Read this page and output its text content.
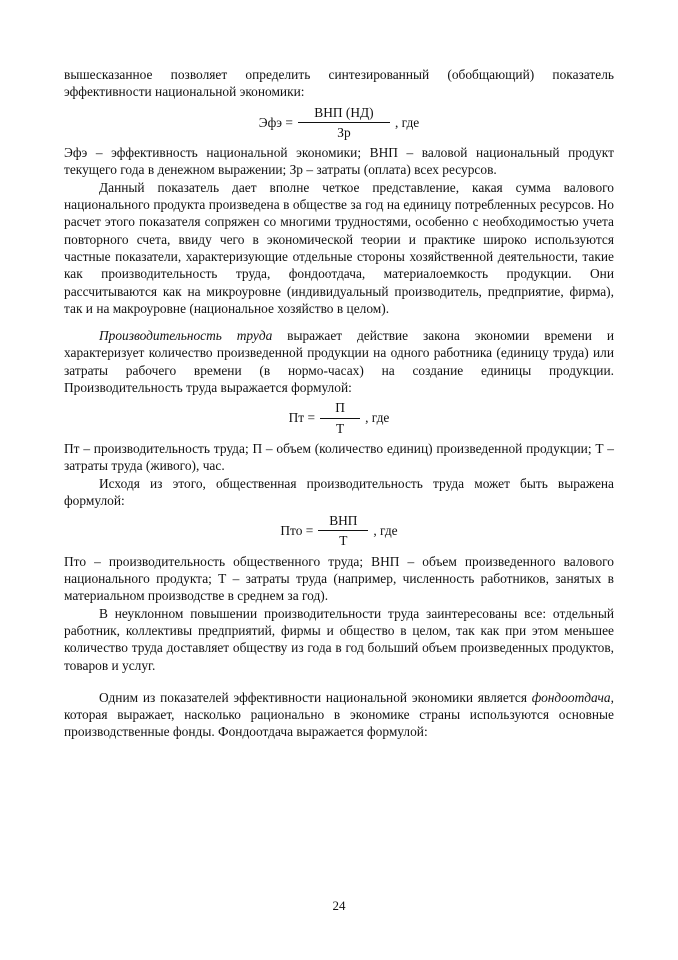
вышесказанное позволяет определить синтезированный (обобщающий) показатель эффективности национальной экономики:

Эфэ = $\frac{\text{ВНП (НД)}}{Зр}$ , где

Эфэ – эффективность национальной экономики; ВНП – валовой национальный продукт текущего года в денежном выражении; Зр – затраты (оплата) всех ресурсов.

Данный показатель дает вполне четкое представление, какая сумма валового национального продукта произведена в обществе за год на единицу потребленных ресурсов. Но расчет этого показателя сопряжен со многими трудностями, особенно с необходимостью учета повторного счета, ввиду чего в экономической теории и практике широко используются частные показатели, характеризующие отдельные стороны хозяйственной деятельности, такие как производительность труда, фондоотдача, материалоемкость продукции. Они рассчитываются как на микроуровне (индивидуальный производитель, предприятие, фирма), так и на макроуровне (национальное хозяйство в целом).

Производительность труда выражает действие закона экономии времени и характеризует количество произведенной продукции на одного работника (единицу труда) или затраты рабочего времени (в нормо-часах) на создание единицы продукции. Производительность труда выражается формулой:

Пт = $\frac{П}{Т}$ , где

Пт – производительность труда; П – объем (количество единиц) произведенной продукции; Т – затраты труда (живого), час.

Исходя из этого, общественная производительность труда может быть выражена формулой:

Пто = $\frac{\text{ВНП}}{Т}$ , где

Пто – производительность общественного труда; ВНП – объем произведенного валового национального продукта; Т – затраты труда (например, численность работников, занятых в материальном производстве в среднем за год).

В неуклонном повышении производительности труда заинтересованы все: отдельный работник, коллективы предприятий, фирмы и общество в целом, так как при этом меньшее количество труда доставляет обществу из года в год больший объем произведенных продуктов, товаров и услуг.

Одним из показателей эффективности национальной экономики является фондоотдача, которая выражает, насколько рационально в экономике страны используются основные производственные фонды. Фондоотдача выражается формулой:

24
